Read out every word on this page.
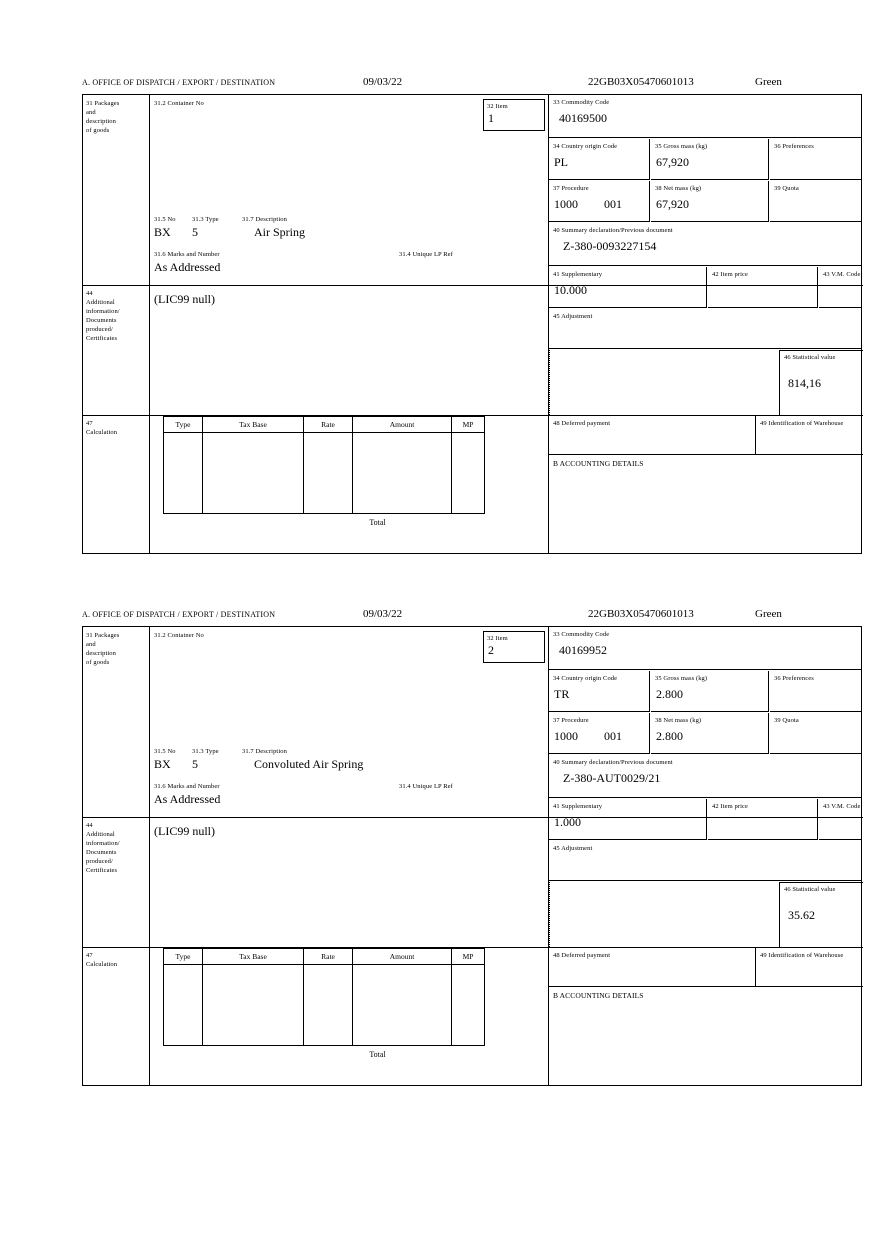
A. OFFICE OF DISPATCH / EXPORT / DESTINATION	09/03/22	22GB03X05470601013	Green
31 Packages
and
description
of goods
44
Additional
information/
Documents
produced/
Certificates
47
Calculation
31.2 Container No
31.5 No	31.3 Type	31.7 Description
BX 5	Air Spring
31.6 Marks and Number	31.4 Unique LP Ref
As Addressed
32 Item
1
(LIC99 null)
Type	Tax Base	Rate	Amount	MP

		Total		
33 Commodity Code
40169500
34 Country origin Code
PL
35 Gross mass (kg)
67,920
36 Preferences
37 Procedure
1000 001
38 Net mass (kg)
67,920
39 Quota
40 Summary declaration/Previous document
Z-380-0093227154
41 Supplementary
10.000
42 Item price	43 V.M. Code
45 Adjustment
46 Statistical value
814,16
48 Deferred payment	49 Identification of Warehouse
B ACCOUNTING DETAILS
A. OFFICE OF DISPATCH / EXPORT / DESTINATION	09/03/22	22GB03X05470601013	Green
31 Packages
and
description
of goods
44
Additional
information/
Documents
produced/
Certificates
47
Calculation
31.2 Container No
31.5 No	31.3 Type	31.7 Description
BX 5	Convoluted Air Spring
31.6 Marks and Number	31.4 Unique LP Ref
As Addressed
32 Item
2
(LIC99 null)
Type	Tax Base	Rate	Amount	MP

		Total		
33 Commodity Code
40169952
34 Country origin Code
TR
35 Gross mass (kg)
2.800
36 Preferences
37 Procedure
1000 001
38 Net mass (kg)
2.800
39 Quota
40 Summary declaration/Previous document
Z-380-AUT0029/21
41 Supplementary
1.000
42 Item price	43 V.M. Code
45 Adjustment
46 Statistical value
35.62
48 Deferred payment	49 Identification of Warehouse
B ACCOUNTING DETAILS
